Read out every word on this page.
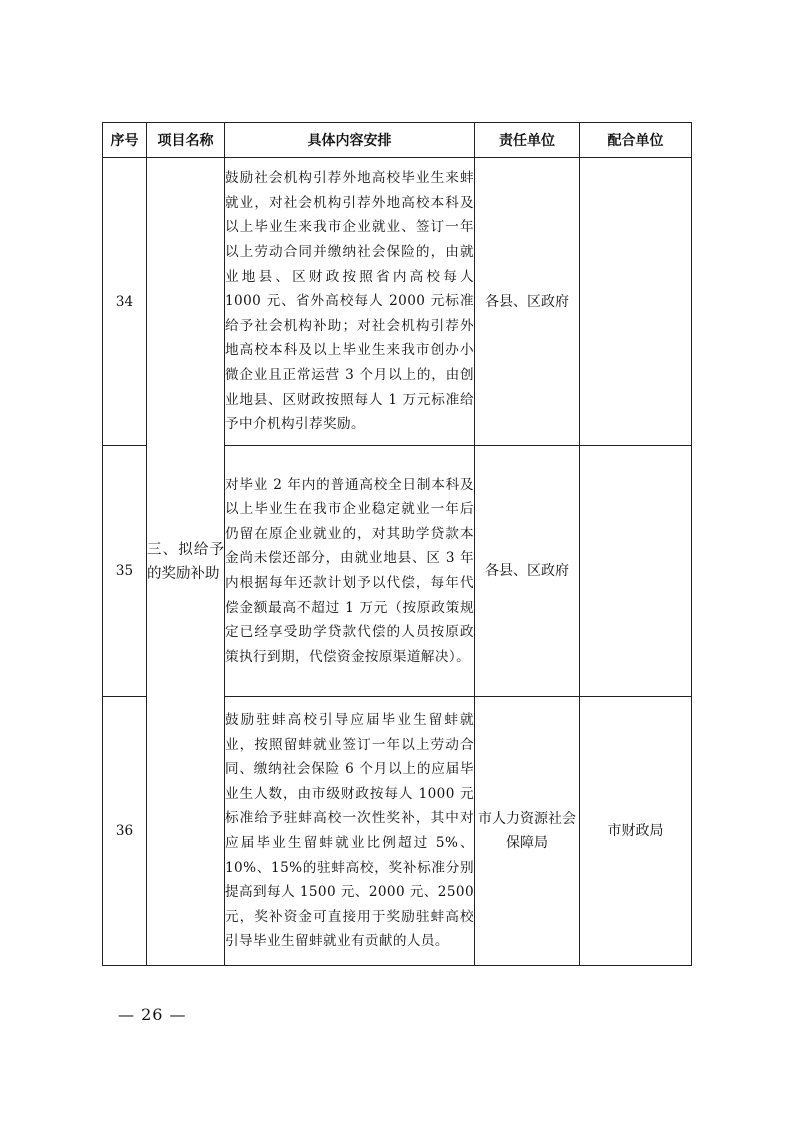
序号	项目名称	具体内容安排	责任单位	配合单位
34	三、拟给予的奖励补助	鼓励社会机构引荐外地高校毕业生来蚌就业，对社会机构引荐外地高校本科及以上毕业生来我市企业就业、签订一年以上劳动合同并缴纳社会保险的，由就业地县、区财政按照省内高校每人 1000 元、省外高校每人 2000 元标准给予社会机构补助；对社会机构引荐外地高校本科及以上毕业生来我市创办小微企业且正常运营 3 个月以上的，由创业地县、区财政按照每人 1 万元标准给予中介机构引荐奖励。	各县、区政府	
35		对毕业 2 年内的普通高校全日制本科及以上毕业生在我市企业稳定就业一年后仍留在原企业就业的，对其助学贷款本金尚未偿还部分，由就业地县、区 3 年内根据每年还款计划予以代偿，每年代偿金额最高不超过 1 万元（按原政策规定已经享受助学贷款代偿的人员按原政策执行到期，代偿资金按原渠道解决）。	各县、区政府	
36		鼓励驻蚌高校引导应届毕业生留蚌就业，按照留蚌就业签订一年以上劳动合同、缴纳社会保险 6 个月以上的应届毕业生人数，由市级财政按每人 1000 元标准给予驻蚌高校一次性奖补，其中对应届毕业生留蚌就业比例超过 5%、10%、15%的驻蚌高校，奖补标准分别提高到每人 1500 元、2000 元、2500 元，奖补资金可直接用于奖励驻蚌高校引导毕业生留蚌就业有贡献的人员。	市人力资源社会保障局	市财政局
— 26 —
